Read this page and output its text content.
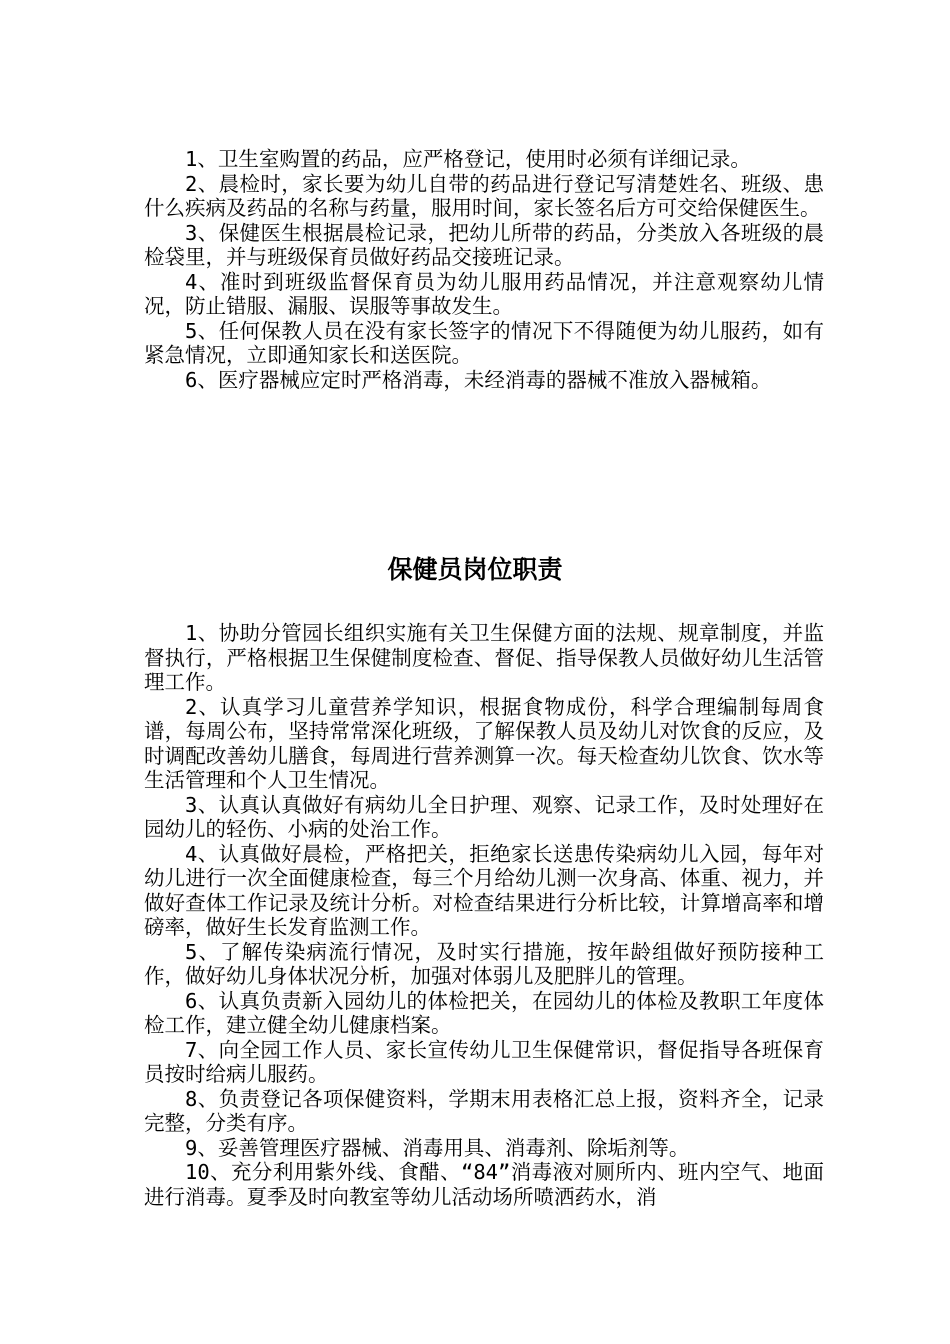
1、卫生室购置的药品，应严格登记，使用时必须有详细记录。

2、晨检时，家长要为幼儿自带的药品进行登记写清楚姓名、班级、患什么疾病及药品的名称与药量，服用时间，家长签名后方可交给保健医生。

3、保健医生根据晨检记录，把幼儿所带的药品，分类放入各班级的晨检袋里，并与班级保育员做好药品交接班记录。

4、准时到班级监督保育员为幼儿服用药品情况，并注意观察幼儿情况，防止错服、漏服、误服等事故发生。

5、任何保教人员在没有家长签字的情况下不得随便为幼儿服药，如有紧急情况，立即通知家长和送医院。

6、医疗器械应定时严格消毒，未经消毒的器械不准放入器械箱。

保健员岗位职责

1、协助分管园长组织实施有关卫生保健方面的法规、规章制度，并监督执行，严格根据卫生保健制度检查、督促、指导保教人员做好幼儿生活管理工作。

2、认真学习儿童营养学知识，根据食物成份，科学合理编制每周食谱，每周公布，坚持常常深化班级，了解保教人员及幼儿对饮食的反应，及时调配改善幼儿膳食，每周进行营养测算一次。每天检查幼儿饮食、饮水等生活管理和个人卫生情况。

3、认真认真做好有病幼儿全日护理、观察、记录工作，及时处理好在园幼儿的轻伤、小病的处治工作。

4、认真做好晨检，严格把关，拒绝家长送患传染病幼儿入园，每年对幼儿进行一次全面健康检查，每三个月给幼儿测一次身高、体重、视力，并做好查体工作记录及统计分析。对检查结果进行分析比较，计算增高率和增磅率，做好生长发育监测工作。

5、了解传染病流行情况，及时实行措施，按年龄组做好预防接种工作，做好幼儿身体状况分析，加强对体弱儿及肥胖儿的管理。

6、认真负责新入园幼儿的体检把关，在园幼儿的体检及教职工年度体检工作，建立健全幼儿健康档案。

7、向全园工作人员、家长宣传幼儿卫生保健常识，督促指导各班保育员按时给病儿服药。

8、负责登记各项保健资料，学期末用表格汇总上报，资料齐全，记录完整，分类有序。

9、妥善管理医疗器械、消毒用具、消毒剂、除垢剂等。

10、充分利用紫外线、食醋、“84”消毒液对厕所内、班内空气、地面进行消毒。夏季及时向教室等幼儿活动场所喷洒药水，消
